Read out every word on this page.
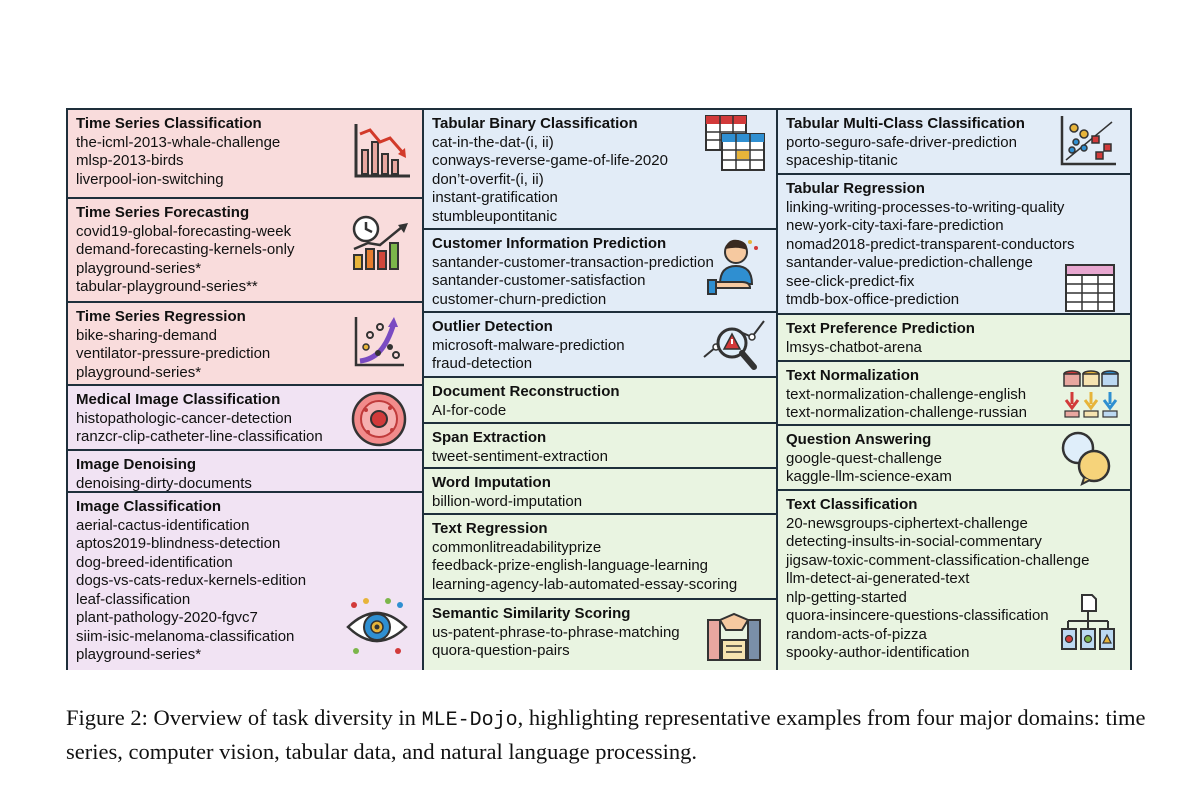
Time Series Classification
the-icml-2013-whale-challenge
mlsp-2013-birds
liverpool-ion-switching
Time Series Forecasting
covid19-global-forecasting-week
demand-forecasting-kernels-only
playground-series*
tabular-playground-series**
Time Series Regression
bike-sharing-demand
ventilator-pressure-prediction
playground-series*
Medical Image Classification
histopathologic-cancer-detection
ranzcr-clip-catheter-line-classification
Image Denoising
denoising-dirty-documents
Image Classification
aerial-cactus-identification
aptos2019-blindness-detection
dog-breed-identification
dogs-vs-cats-redux-kernels-edition
leaf-classification
plant-pathology-2020-fgvc7
siim-isic-melanoma-classification
playground-series*
Tabular Binary Classification
cat-in-the-dat-(i, ii)
conways-reverse-game-of-life-2020
don’t-overfit-(i, ii)
instant-gratification
stumbleupontitanic
Customer Information Prediction
santander-customer-transaction-prediction
santander-customer-satisfaction
customer-churn-prediction
Outlier Detection
microsoft-malware-prediction
fraud-detection
Document Reconstruction
AI-for-code
Span Extraction
tweet-sentiment-extraction
Word Imputation
billion-word-imputation
Text Regression
commonlitreadabilityprize
feedback-prize-english-language-learning
learning-agency-lab-automated-essay-scoring
Semantic Similarity Scoring
us-patent-phrase-to-phrase-matching
quora-question-pairs
Tabular Multi-Class Classification
porto-seguro-safe-driver-prediction
spaceship-titanic
Tabular Regression
linking-writing-processes-to-writing-quality
new-york-city-taxi-fare-prediction
nomad2018-predict-transparent-conductors
santander-value-prediction-challenge
see-click-predict-fix
tmdb-box-office-prediction
Text Preference Prediction
lmsys-chatbot-arena
Text Normalization
text-normalization-challenge-english
text-normalization-challenge-russian
Question Answering
google-quest-challenge
kaggle-llm-science-exam
Text Classification
20-newsgroups-ciphertext-challenge
detecting-insults-in-social-commentary
jigsaw-toxic-comment-classification-challenge
llm-detect-ai-generated-text
nlp-getting-started
quora-insincere-questions-classification
random-acts-of-pizza
spooky-author-identification
Figure 2: Overview of task diversity in MLE-Dojo, highlighting representative examples from four major domains: time series, computer vision, tabular data, and natural language processing.
